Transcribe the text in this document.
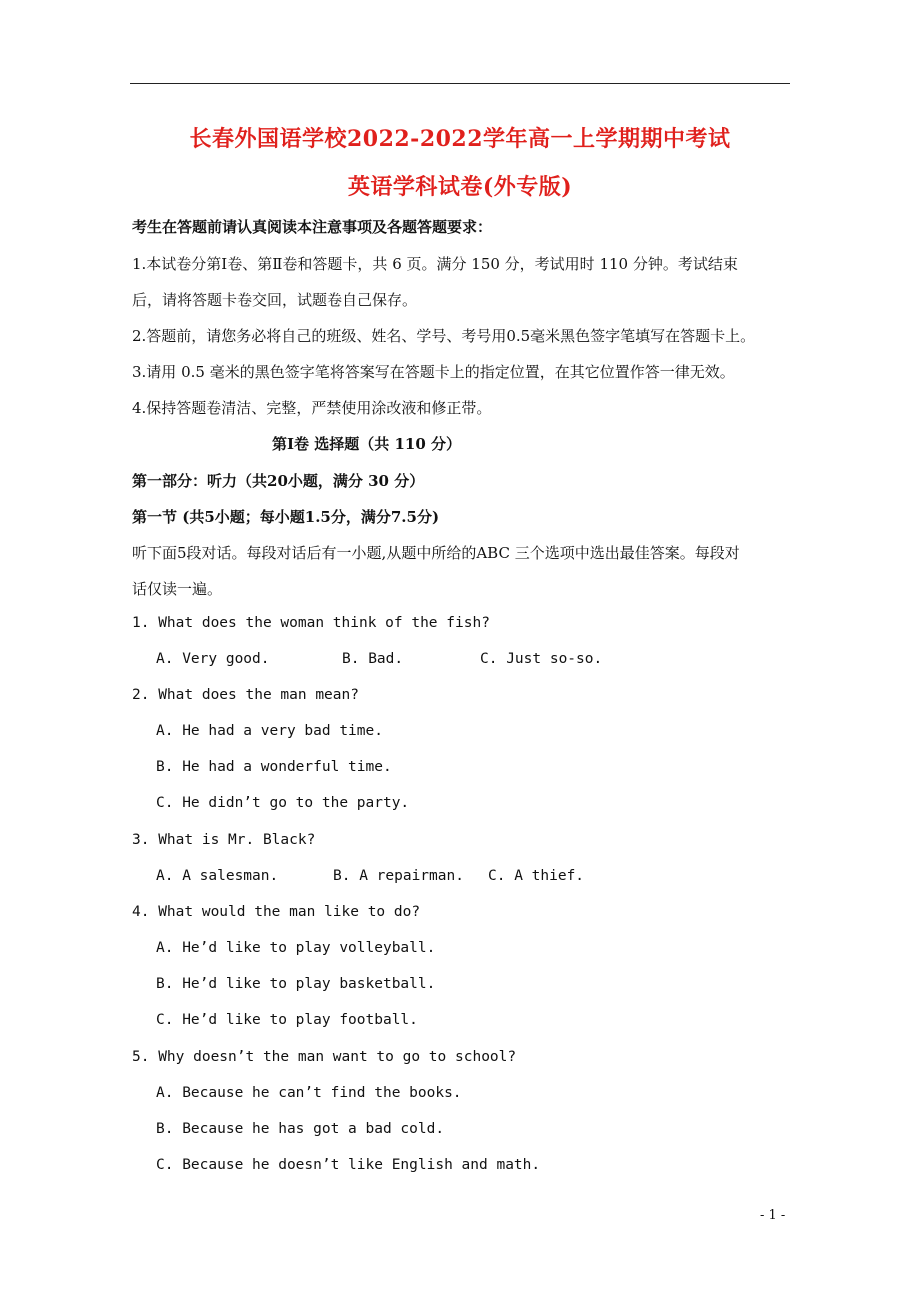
长春外国语学校2022-2022学年高一上学期期中考试
英语学科试卷(外专版)
考生在答题前请认真阅读本注意事项及各题答题要求：
1.本试卷分第Ⅰ卷、第Ⅱ卷和答题卡，共 6 页。满分 150 分，考试用时 110 分钟。考试结束
后，请将答题卡卷交回，试题卷自己保存。
2.答题前，请您务必将自己的班级、姓名、学号、考号用0.5毫米黑色签字笔填写在答题卡上。
3.请用 0.5 毫米的黑色签字笔将答案写在答题卡上的指定位置，在其它位置作答一律无效。
4.保持答题卷清洁、完整，严禁使用涂改液和修正带。
第Ⅰ卷 选择题（共 110 分）
第一部分：听力（共20小题，满分 30 分）
第一节 (共5小题；每小题1.5分，满分7.5分)
听下面5段对话。每段对话后有一小题,从题中所给的ABC 三个选项中选出最佳答案。每段对
话仅读一遍。
1. What does the woman think of the fish?
A. Very good.	B. Bad.	C. Just so-so.
2. What does the man mean?
A. He had a very bad time.
B. He had a wonderful time.
C. He didn’t go to the party.
3. What is Mr. Black?
A. A salesman.	B. A repairman. C. A thief.
4. What would the man like to do?
A. He’d like to play volleyball.
B. He’d like to play basketball.
C. He’d like to play football.
5. Why doesn’t the man want to go to school?
A. Because he can’t find the books.
B. Because he has got a bad cold.
C. Because he doesn’t like English and math.
- 1 -
